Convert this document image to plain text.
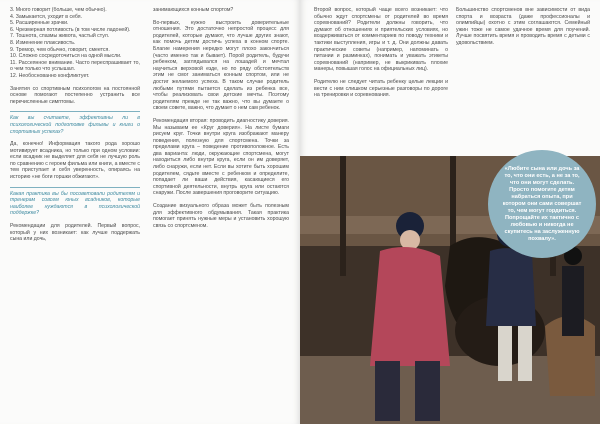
3. Много говорит (больше, чем обычно).
4. Замыкается, уходит в себя.
5. Расширенные зрачки.
6. Чрезмерная потливость (в том числе ладоней).
7. Тошнота, спазмы живота, частый стул.
8. Изменение плаксивость.
9. Тремор, чем обычно, говорит, смеется.
10. Сложно сосредоточиться на одной мысли.
11. Рассеянное внимание. Часто переспрашивает то, о чем только что услышал.
12. Необоснованно конфликтует.

Занятия со спортивным психологом на постоянной основе помогают постепенно устранить все перечисленные симптомы.

Как вы считаете, эффективны ли в психологической подготовке фильмы и книги о спортивных успехах?

Да, конечно! Информация такого рода хорошо мотивирует всадника, но только при одном условии: если всадник не выделяет для себя не лучшую роль по сравнению с героем фильма или книги, а вместе с тем приступает и себя уверенность, опираясь на историю «не боги горшки обжигают».

Какая практика вы бы посоветовали родителям и тренерам совсем юных всадников, которые наиболее нуждаются в психологической поддержке?

Рекомендации для родителей. Первый вопрос, который у них возникает: как лучше поддержать сына или дочь,

занимающихся конным спортом?

Во-первых, нужно выстроить доверительные отношения. Это достаточно непростой процесс для родителей, которые думают, что лучше других знают, как помочь детям достичь успеха в конном спорте. Благие намерения нередко могут плохо закончиться (часто именно так и бывает). Порой родитель, будучи ребенком, заглядывался на лошадей и мечтал научиться верховой езде, но по ряду обстоятельств этим не смог заниматься конным спортом, или не достиг желаемого успеха. В таком случае родитель любыми путями пытается сделать из ребенка все, чтобы реализовать свои детские мечты. Поэтому родителям прежде не так важно, что вы думаете о своем совете, важно, что думает о нем сам ребенок.

Рекомендация вторая: проводить диагностику доверия. Мы называем ее «Круг доверия». На листе бумаги рисуем круг. Точки внутри круга изображают манеру поведения, полезную для спортсмена. Точки за пределами круга – поведение противоположное. Есть два варианта: люди, окружающие спортсмена, могут находиться либо внутри круга, если он им доверяет, либо снаружи, если нет. Если вы хотите быть хорошим родителем, сядьте вместе с ребенком и определите, попадает ли ваши действия, касающиеся его спортивной деятельности, внутрь круга или остаются снаружи. После завершения проговорите ситуацию.

Создание визуального образа может быть полезным для эффективного обдумывания. Такая практика помогает принять нужные меры и установить хорошую связь со спортсменом.

Второй вопрос, который чаще всего возникает: что обычно ждут спортсмены от родителей во время соревнований? Родители должны говорить, что думают об отношениях и приятельских условиях, но воздерживаться от комментариев по поводу техники и тактики выступления, игры и т. д. Они должны давать практические советы (например, напоминать о питании и разминках), понимать и уважать этикеты соревнований (например, не выкрикивать плохие манеры, повышая голос на официальных лиц).

Родителю не следует читать ребенку целые лекции и вести с ним слишком серьезные разговоры по дороге на тренировки и соревнования.

Большинство спортсменов вне зависимости от вида спорта и возраста (даже профессионалы и олимпийцы) охотно с этим соглашаются. Семейный ужин тоже не самое удачное время для поучений. Лучше посвятить время и проводить время с детьми с удовольствием.

«Любите сына или дочь за то, что они есть, а не за то, что они могут сделать. Просто помогите детям набраться опыта, при котором они сами совершат то, чем могут гордиться. Попрощайте их тактично с любовью и никогда не скупитесь на заслуженную похвалу».
